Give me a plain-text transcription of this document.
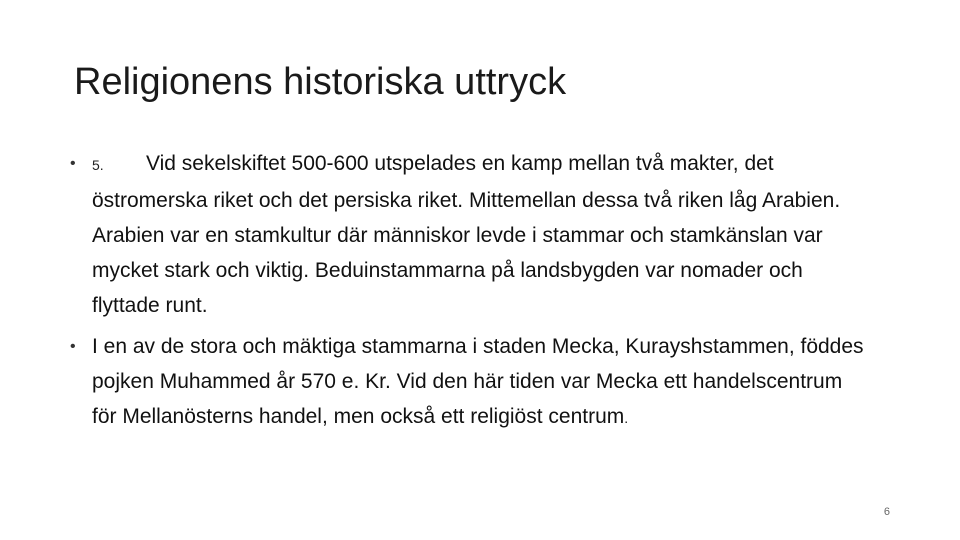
Religionens historiska uttryck
•	5. Vid sekelskiftet 500-600 utspelades en kamp mellan två makter, det östromerska riket och det persiska riket. Mittemellan dessa två riken låg Arabien. Arabien var en stamkultur där människor levde i stammar och stamkänslan var mycket stark och viktig. Beduinstammarna på landsbygden var nomader och flyttade runt.
• I en av de stora och mäktiga stammarna i staden Mecka, Kurayshstammen, föddes pojken Muhammed år 570 e. Kr. Vid den här tiden var Mecka ett handelscentrum för Mellanösterns handel, men också ett religiöst centrum.
6
